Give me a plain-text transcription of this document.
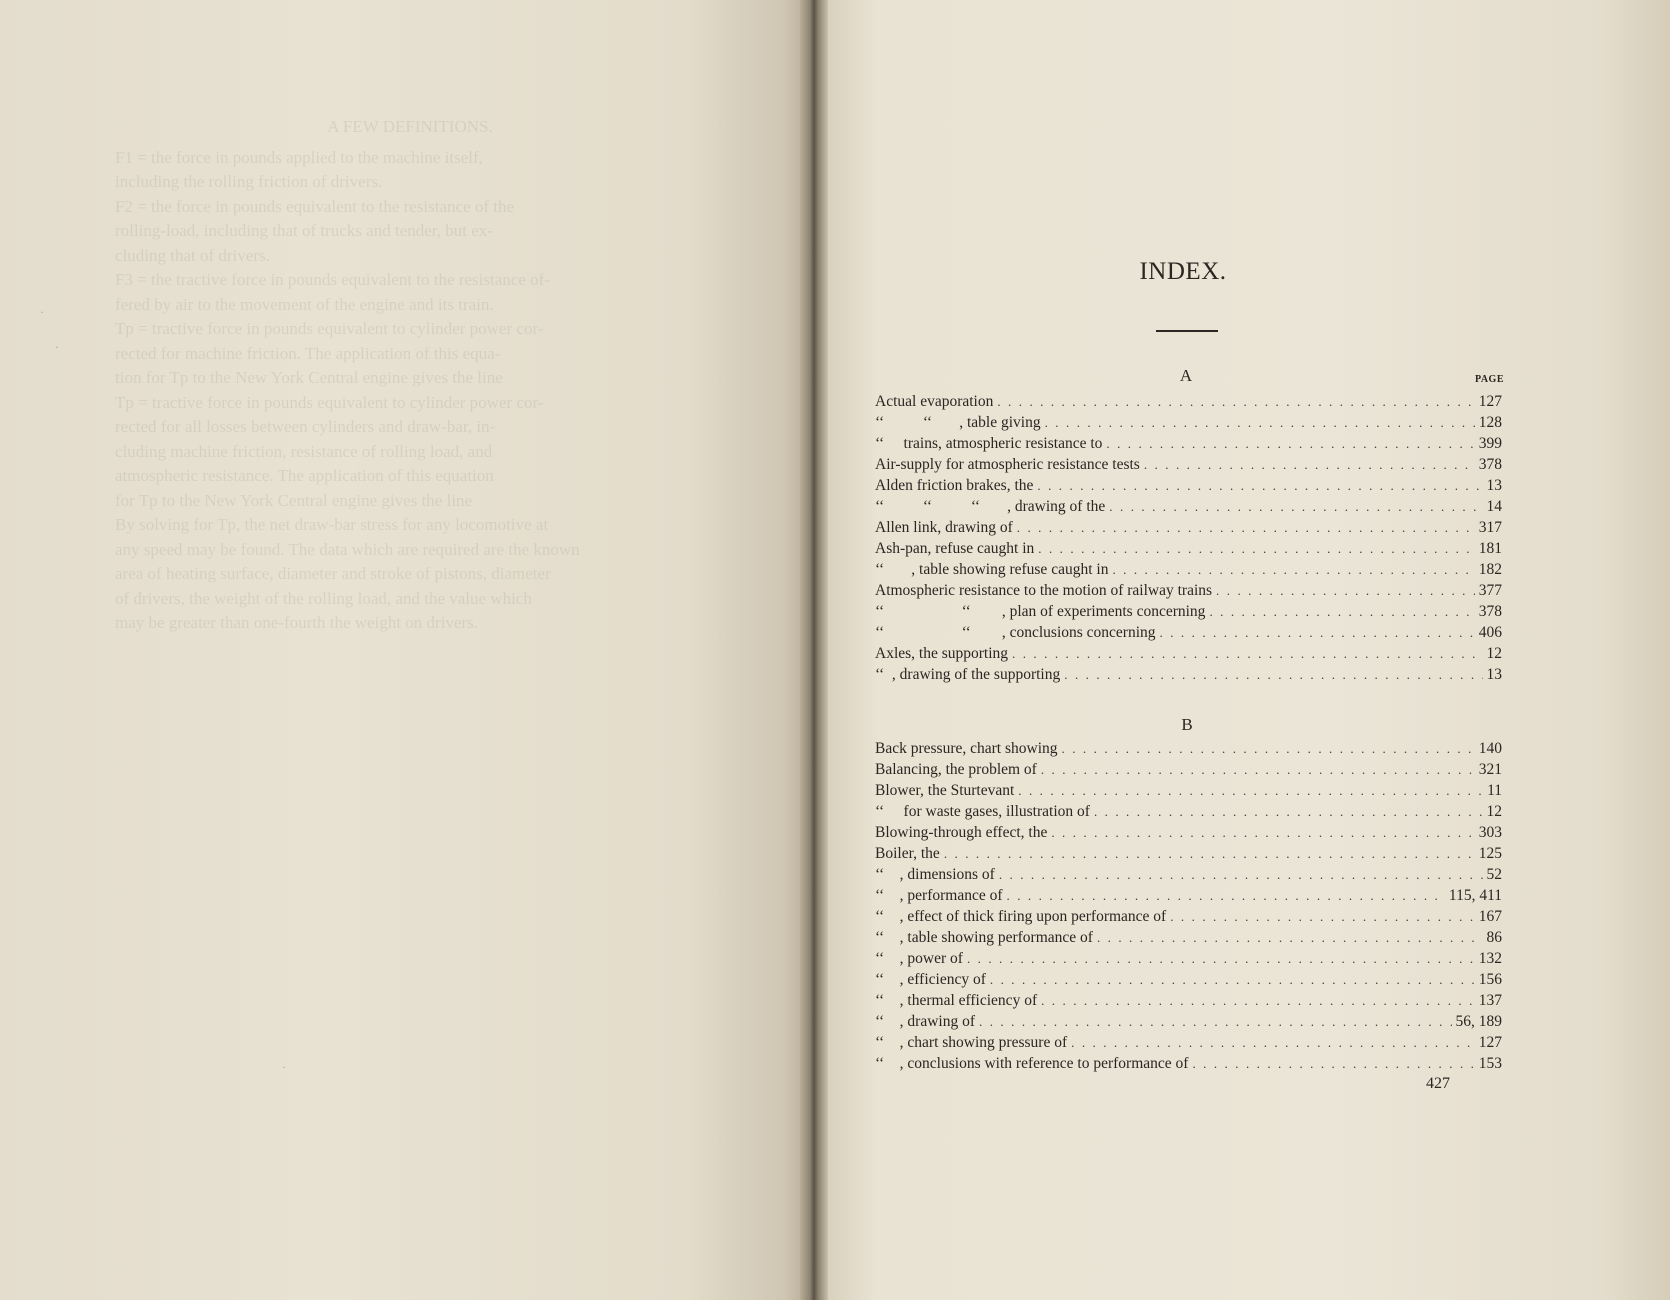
A FEW DEFINITIONS.
F1 = the force in pounds applied to the machine itself,
including the rolling friction of drivers.
F2 = the force in pounds equivalent to the resistance of the
rolling-load, including that of trucks and tender, but ex-
cluding that of drivers.
F3 = the tractive force in pounds equivalent to the resistance of-
fered by air to the movement of the engine and its train.
Tp = tractive force in pounds equivalent to cylinder power cor-
rected for machine friction. The application of this equa-
tion for Tp to the New York Central engine gives the line
Tp = tractive force in pounds equivalent to cylinder power cor-
rected for all losses between cylinders and draw-bar, in-
cluding machine friction, resistance of rolling load, and
atmospheric resistance. The application of this equation
for Tp to the New York Central engine gives the line
By solving for Tp, the net draw-bar stress for any locomotive at
any speed may be found. The data which are required are the known
area of heating surface, diameter and stroke of pistons, diameter
of drivers, the weight of the rolling load, and the value which
may be greater than one-fourth the weight on drivers.
INDEX.
A	PAGE
Actual evaporation . . .	127
‘‘          ‘‘       , table giving . . .	128
‘‘     trains, atmospheric resistance to . . .	399
Air-supply for atmospheric resistance tests . . .	378
Alden friction brakes, the . . .	13
‘‘          ‘‘          ‘‘       , drawing of the . . .	14
Allen link, drawing of . . .	317
Ash-pan, refuse caught in . . .	181
‘‘       , table showing refuse caught in . . .	182
Atmospheric resistance to the motion of railway trains . . .	377
‘‘                    ‘‘        , plan of experiments concerning . . .	378
‘‘                    ‘‘        , conclusions concerning . . .	406
Axles, the supporting . . .	12
‘‘  , drawing of the supporting . . .	13
B
Back pressure, chart showing . . .	140
Balancing, the problem of . . .	321
Blower, the Sturtevant . . .	11
‘‘     for waste gases, illustration of . . .	12
Blowing-through effect, the . . .	303
Boiler, the . . .	125
‘‘    , dimensions of . . .	52
‘‘    , performance of . . .	115, 411
‘‘    , effect of thick firing upon performance of . . .	167
‘‘    , table showing performance of . . .	86
‘‘    , power of . . .	132
‘‘    , efficiency of . . .	156
‘‘    , thermal efficiency of . . .	137
‘‘    , drawing of . . .	56, 189
‘‘    , chart showing pressure of . . .	127
‘‘    , conclusions with reference to performance of . . .	153
427
·
·
·
